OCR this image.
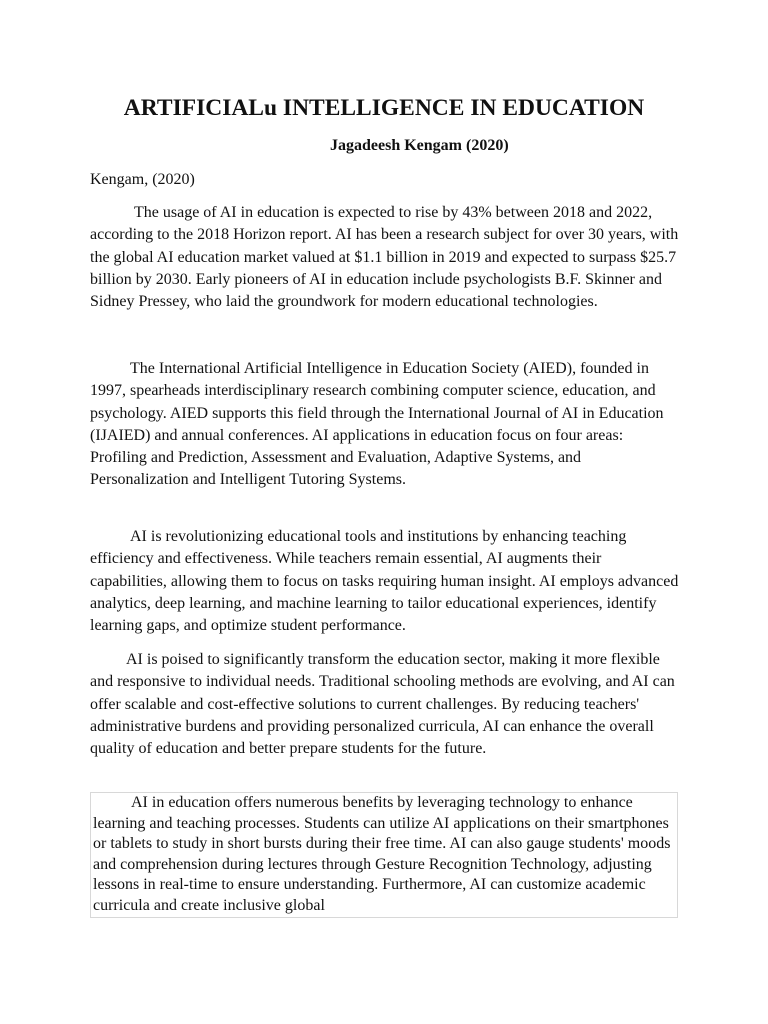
ARTIFICIALu INTELLIGENCE IN EDUCATION

Jagadeesh Kengam (2020)

Kengam, (2020)

The usage of AI in education is expected to rise by 43% between 2018 and 2022, according to the 2018 Horizon report. AI has been a research subject for over 30 years, with the global AI education market valued at $1.1 billion in 2019 and expected to surpass $25.7 billion by 2030. Early pioneers of AI in education include psychologists B.F. Skinner and Sidney Pressey, who laid the groundwork for modern educational technologies.

The International Artificial Intelligence in Education Society (AIED), founded in 1997, spearheads interdisciplinary research combining computer science, education, and psychology. AIED supports this field through the International Journal of AI in Education (IJAIED) and annual conferences. AI applications in education focus on four areas: Profiling and Prediction, Assessment and Evaluation, Adaptive Systems, and Personalization and Intelligent Tutoring Systems.

AI is revolutionizing educational tools and institutions by enhancing teaching efficiency and effectiveness. While teachers remain essential, AI augments their capabilities, allowing them to focus on tasks requiring human insight. AI employs advanced analytics, deep learning, and machine learning to tailor educational experiences, identify learning gaps, and optimize student performance.

AI is poised to significantly transform the education sector, making it more flexible and responsive to individual needs. Traditional schooling methods are evolving, and AI can offer scalable and cost-effective solutions to current challenges. By reducing teachers' administrative burdens and providing personalized curricula, AI can enhance the overall quality of education and better prepare students for the future.

AI in education offers numerous benefits by leveraging technology to enhance learning and teaching processes. Students can utilize AI applications on their smartphones or tablets to study in short bursts during their free time. AI can also gauge students' moods and comprehension during lectures through Gesture Recognition Technology, adjusting lessons in real-time to ensure understanding. Furthermore, AI can customize academic curricula and create inclusive global
